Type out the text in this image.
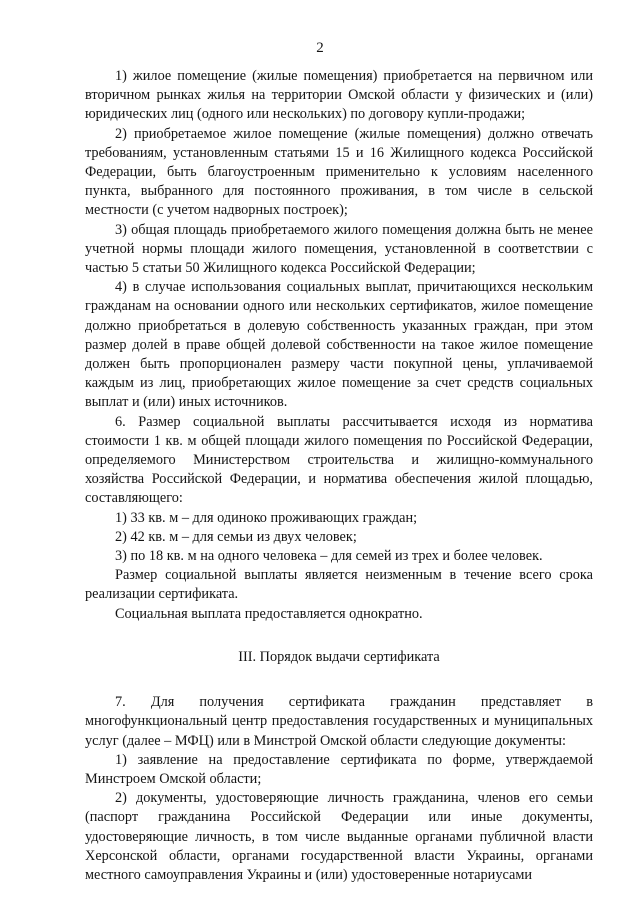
2

1) жилое помещение (жилые помещения) приобретается на первичном или вторичном рынках жилья на территории Омской области у физических и (или) юридических лиц (одного или нескольких) по договору купли-продажи;

2) приобретаемое жилое помещение (жилые помещения) должно отвечать требованиям, установленным статьями 15 и 16 Жилищного кодекса Российской Федерации, быть благоустроенным применительно к условиям населенного пункта, выбранного для постоянного проживания, в том числе в сельской местности (с учетом надворных построек);

3) общая площадь приобретаемого жилого помещения должна быть не менее учетной нормы площади жилого помещения, установленной в соответствии с частью 5 статьи 50 Жилищного кодекса Российской Федерации;

4) в случае использования социальных выплат, причитающихся нескольким гражданам на основании одного или нескольких сертификатов, жилое помещение должно приобретаться в долевую собственность указанных граждан, при этом размер долей в праве общей долевой собственности на такое жилое помещение должен быть пропорционален размеру части покупной цены, уплачиваемой каждым из лиц, приобретающих жилое помещение за счет средств социальных выплат и (или) иных источников.

6. Размер социальной выплаты рассчитывается исходя из норматива стоимости 1 кв. м общей площади жилого помещения по Российской Федерации, определяемого Министерством строительства и жилищно-коммунального хозяйства Российской Федерации, и норматива обеспечения жилой площадью, составляющего:

1) 33 кв. м – для одиноко проживающих граждан;

2) 42 кв. м – для семьи из двух человек;

3) по 18 кв. м на одного человека – для семей из трех и более человек.

Размер социальной выплаты является неизменным в течение всего срока реализации сертификата.

Социальная выплата предоставляется однократно.

III. Порядок выдачи сертификата

7. Для получения сертификата гражданин представляет в многофункциональный центр предоставления государственных и муниципальных услуг (далее – МФЦ) или в Минстрой Омской области следующие документы:

1) заявление на предоставление сертификата по форме, утверждаемой Минстроем Омской области;

2) документы, удостоверяющие личность гражданина, членов его семьи (паспорт гражданина Российской Федерации или иные документы, удостоверяющие личность, в том числе выданные органами публичной власти Херсонской области, органами государственной власти Украины, органами местного самоуправления Украины и (или) удостоверенные нотариусами
